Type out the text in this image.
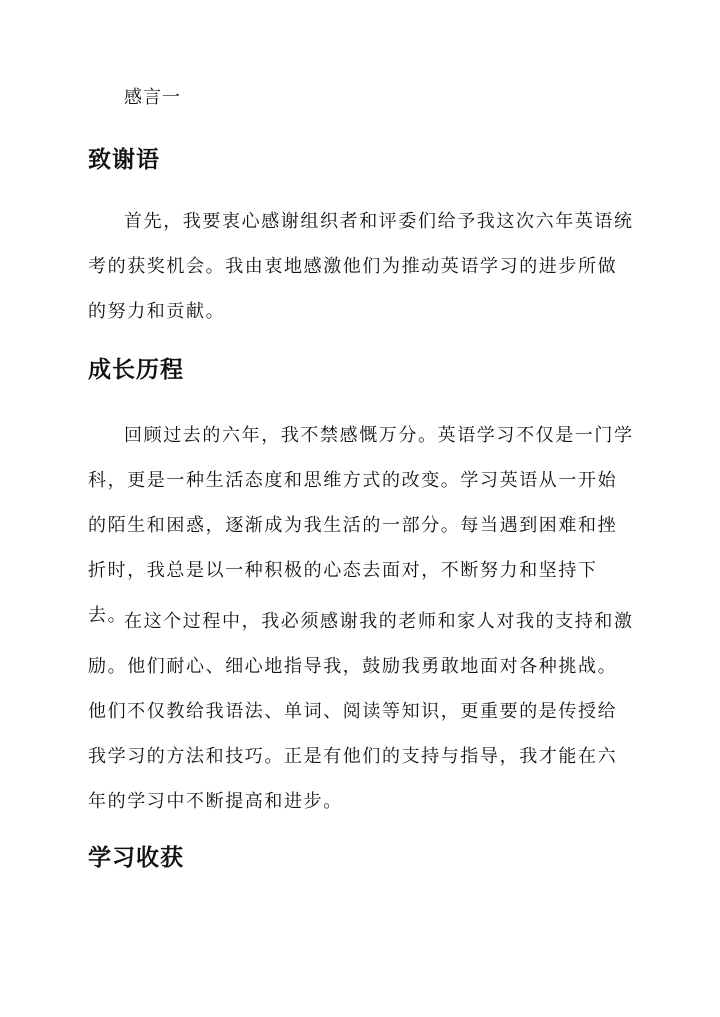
感言一
致谢语

首先，我要衷心感谢组织者和评委们给予我这次六年英语统考的获奖机会。我由衷地感激他们为推动英语学习的进步所做的努力和贡献。

成长历程

回顾过去的六年，我不禁感慨万分。英语学习不仅是一门学科，更是一种生活态度和思维方式的改变。学习英语从一开始的陌生和困惑，逐渐成为我生活的一部分。每当遇到困难和挫折时，我总是以一种积极的心态去面对，不断努力和坚持下去。

在这个过程中，我必须感谢我的老师和家人对我的支持和激励。他们耐心、细心地指导我，鼓励我勇敢地面对各种挑战。他们不仅教给我语法、单词、阅读等知识，更重要的是传授给我学习的方法和技巧。正是有他们的支持与指导，我才能在六年的学习中不断提高和进步。

学习收获
